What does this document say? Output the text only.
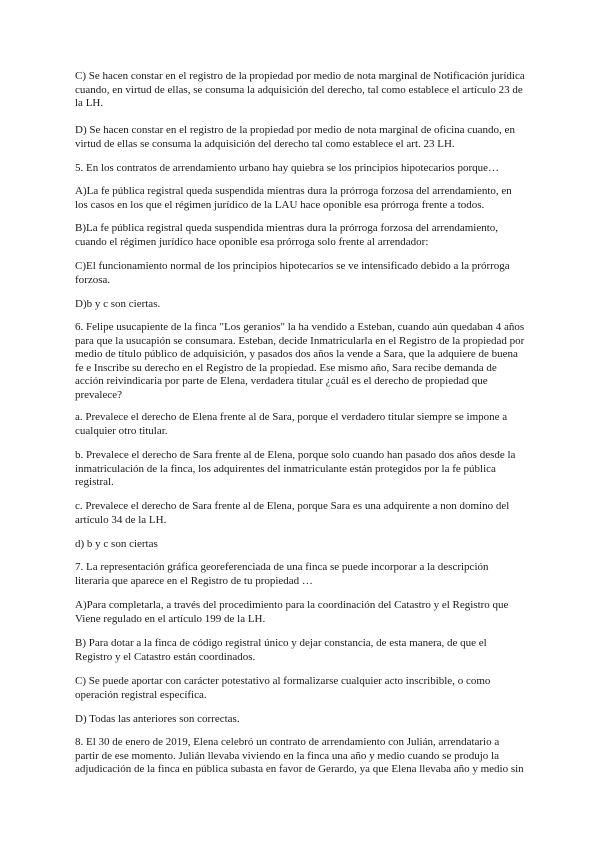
C) Se hacen constar en el registro de la propiedad por medio de nota marginal de Notificación jurídica cuando, en virtud de ellas, se consuma la adquisición del derecho, tal como establece el artículo 23 de la LH.

D) Se hacen constar en el registro de la propiedad por medio de nota marginal de oficina cuando, en virtud de ellas se consuma la adquisición del derecho tal como establece el art. 23 LH.

5. En los contratos de arrendamiento urbano hay quiebra se los principios hipotecarios porque…

A)La fe pública registral queda suspendida mientras dura la prórroga forzosa del arrendamiento, en los casos en los que el régimen jurídico de la LAU hace oponible esa prórroga frente a todos.

B)La fe pública registral queda suspendida mientras dura la prórroga forzosa del arrendamiento, cuando el régimen jurídico hace oponible esa prórroga solo frente al arrendador:

C)El funcionamiento normal de los principios hipotecarios se ve intensificado debido a la prórroga forzosa.

D)b y c son ciertas.

6. Felipe usucapiente de la finca "Los geranios" la ha vendido a Esteban, cuando aún quedaban 4 años para que la usucapión se consumara. Esteban, decide Inmatricularla en el Registro de la propiedad por medio de título público de adquisición, y pasados dos años la vende a Sara, que la adquiere de buena fe e Inscribe su derecho en el Registro de la propiedad. Ese mismo año, Sara recibe demanda de acción reivindicaria por parte de Elena, verdadera titular ¿cuál es el derecho de propiedad que prevalece?

a. Prevalece el derecho de Elena frente al de Sara, porque el verdadero titular siempre se impone a cualquier otro titular.

b. Prevalece el derecho de Sara frente al de Elena, porque solo cuando han pasado dos años desde la inmatriculación de la finca, los adquirentes del inmatriculante están protegidos por la fe pública registral.

c. Prevalece el derecho de Sara frente al de Elena, porque Sara es una adquirente a non domino del artículo 34 de la LH.

d) b y c son ciertas

7. La representación gráfica georeferenciada de una finca se puede incorporar a la descripción literaria que aparece en el Registro de tu propiedad …

A)Para completarla, a través del procedimiento para la coordinación del Catastro y el Registro que Viene regulado en el artículo 199 de la LH.

B) Para dotar a la finca de código registral único y dejar constancia, de esta manera, de que el Registro y el Catastro están coordinados.

C) Se puede aportar con carácter potestativo al formalizarse cualquier acto inscribible, o como operación registral específica.

D) Todas las anteriores son correctas.

8. El 30 de enero de 2019, Elena celebró un contrato de arrendamiento con Julián, arrendatario a partir de ese momento. Julián llevaba viviendo en la finca una año y medio cuando se produjo la adjudicación de la finca en pública subasta en favor de Gerardo, ya que Elena llevaba año y medio sin
